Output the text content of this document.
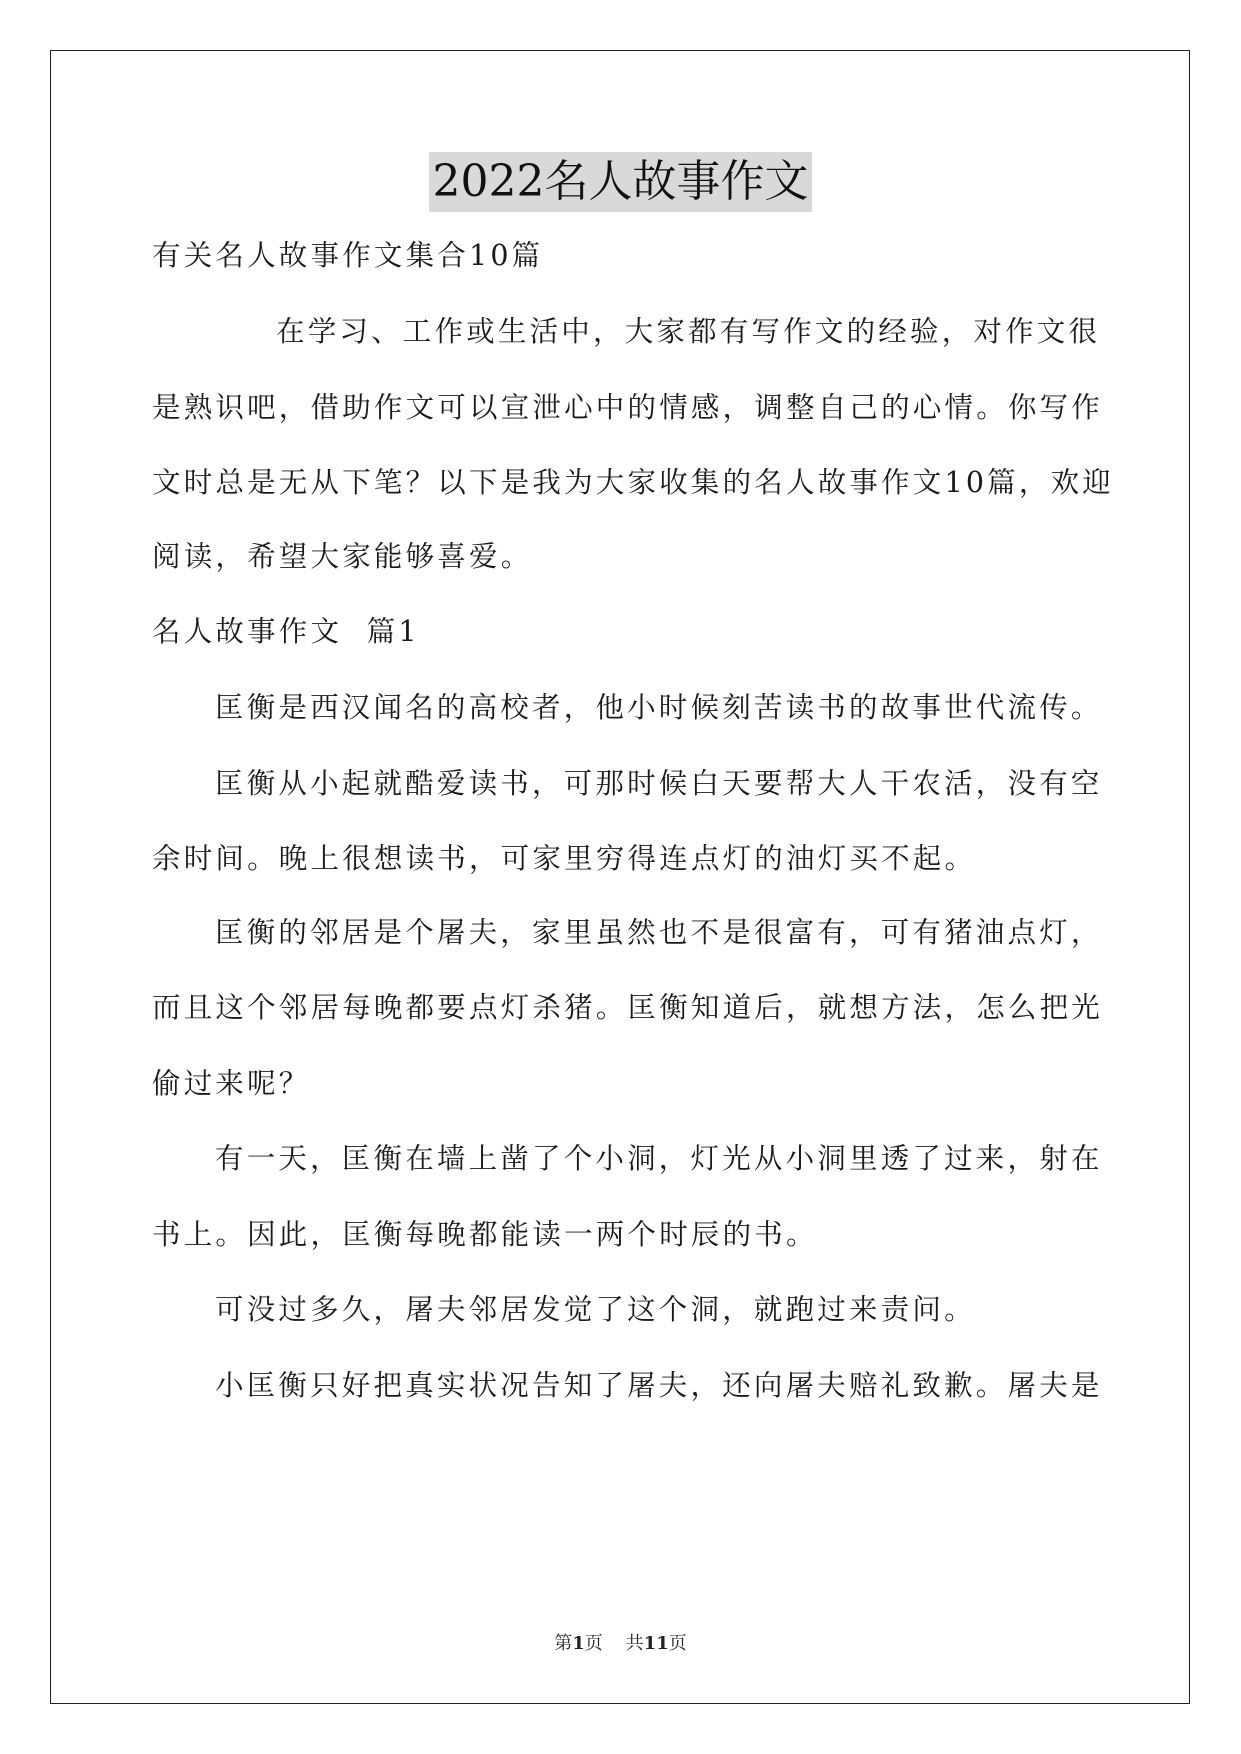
2022名人故事作文
有关名人故事作文集合10篇
在学习、工作或生活中，大家都有写作文的经验，对作文很
是熟识吧，借助作文可以宣泄心中的情感，调整自己的心情。你写作
文时总是无从下笔？以下是我为大家收集的名人故事作文10篇，欢迎
阅读，希望大家能够喜爱。
名人故事作文  篇1
匡衡是西汉闻名的高校者，他小时候刻苦读书的故事世代流传。
匡衡从小起就酷爱读书，可那时候白天要帮大人干农活，没有空
余时间。晚上很想读书，可家里穷得连点灯的油灯买不起。
匡衡的邻居是个屠夫，家里虽然也不是很富有，可有猪油点灯，
而且这个邻居每晚都要点灯杀猪。匡衡知道后，就想方法，怎么把光
偷过来呢？
有一天，匡衡在墙上凿了个小洞，灯光从小洞里透了过来，射在
书上。因此，匡衡每晚都能读一两个时辰的书。
可没过多久，屠夫邻居发觉了这个洞，就跑过来责问。
小匡衡只好把真实状况告知了屠夫，还向屠夫赔礼致歉。屠夫是
第1页    共11页
